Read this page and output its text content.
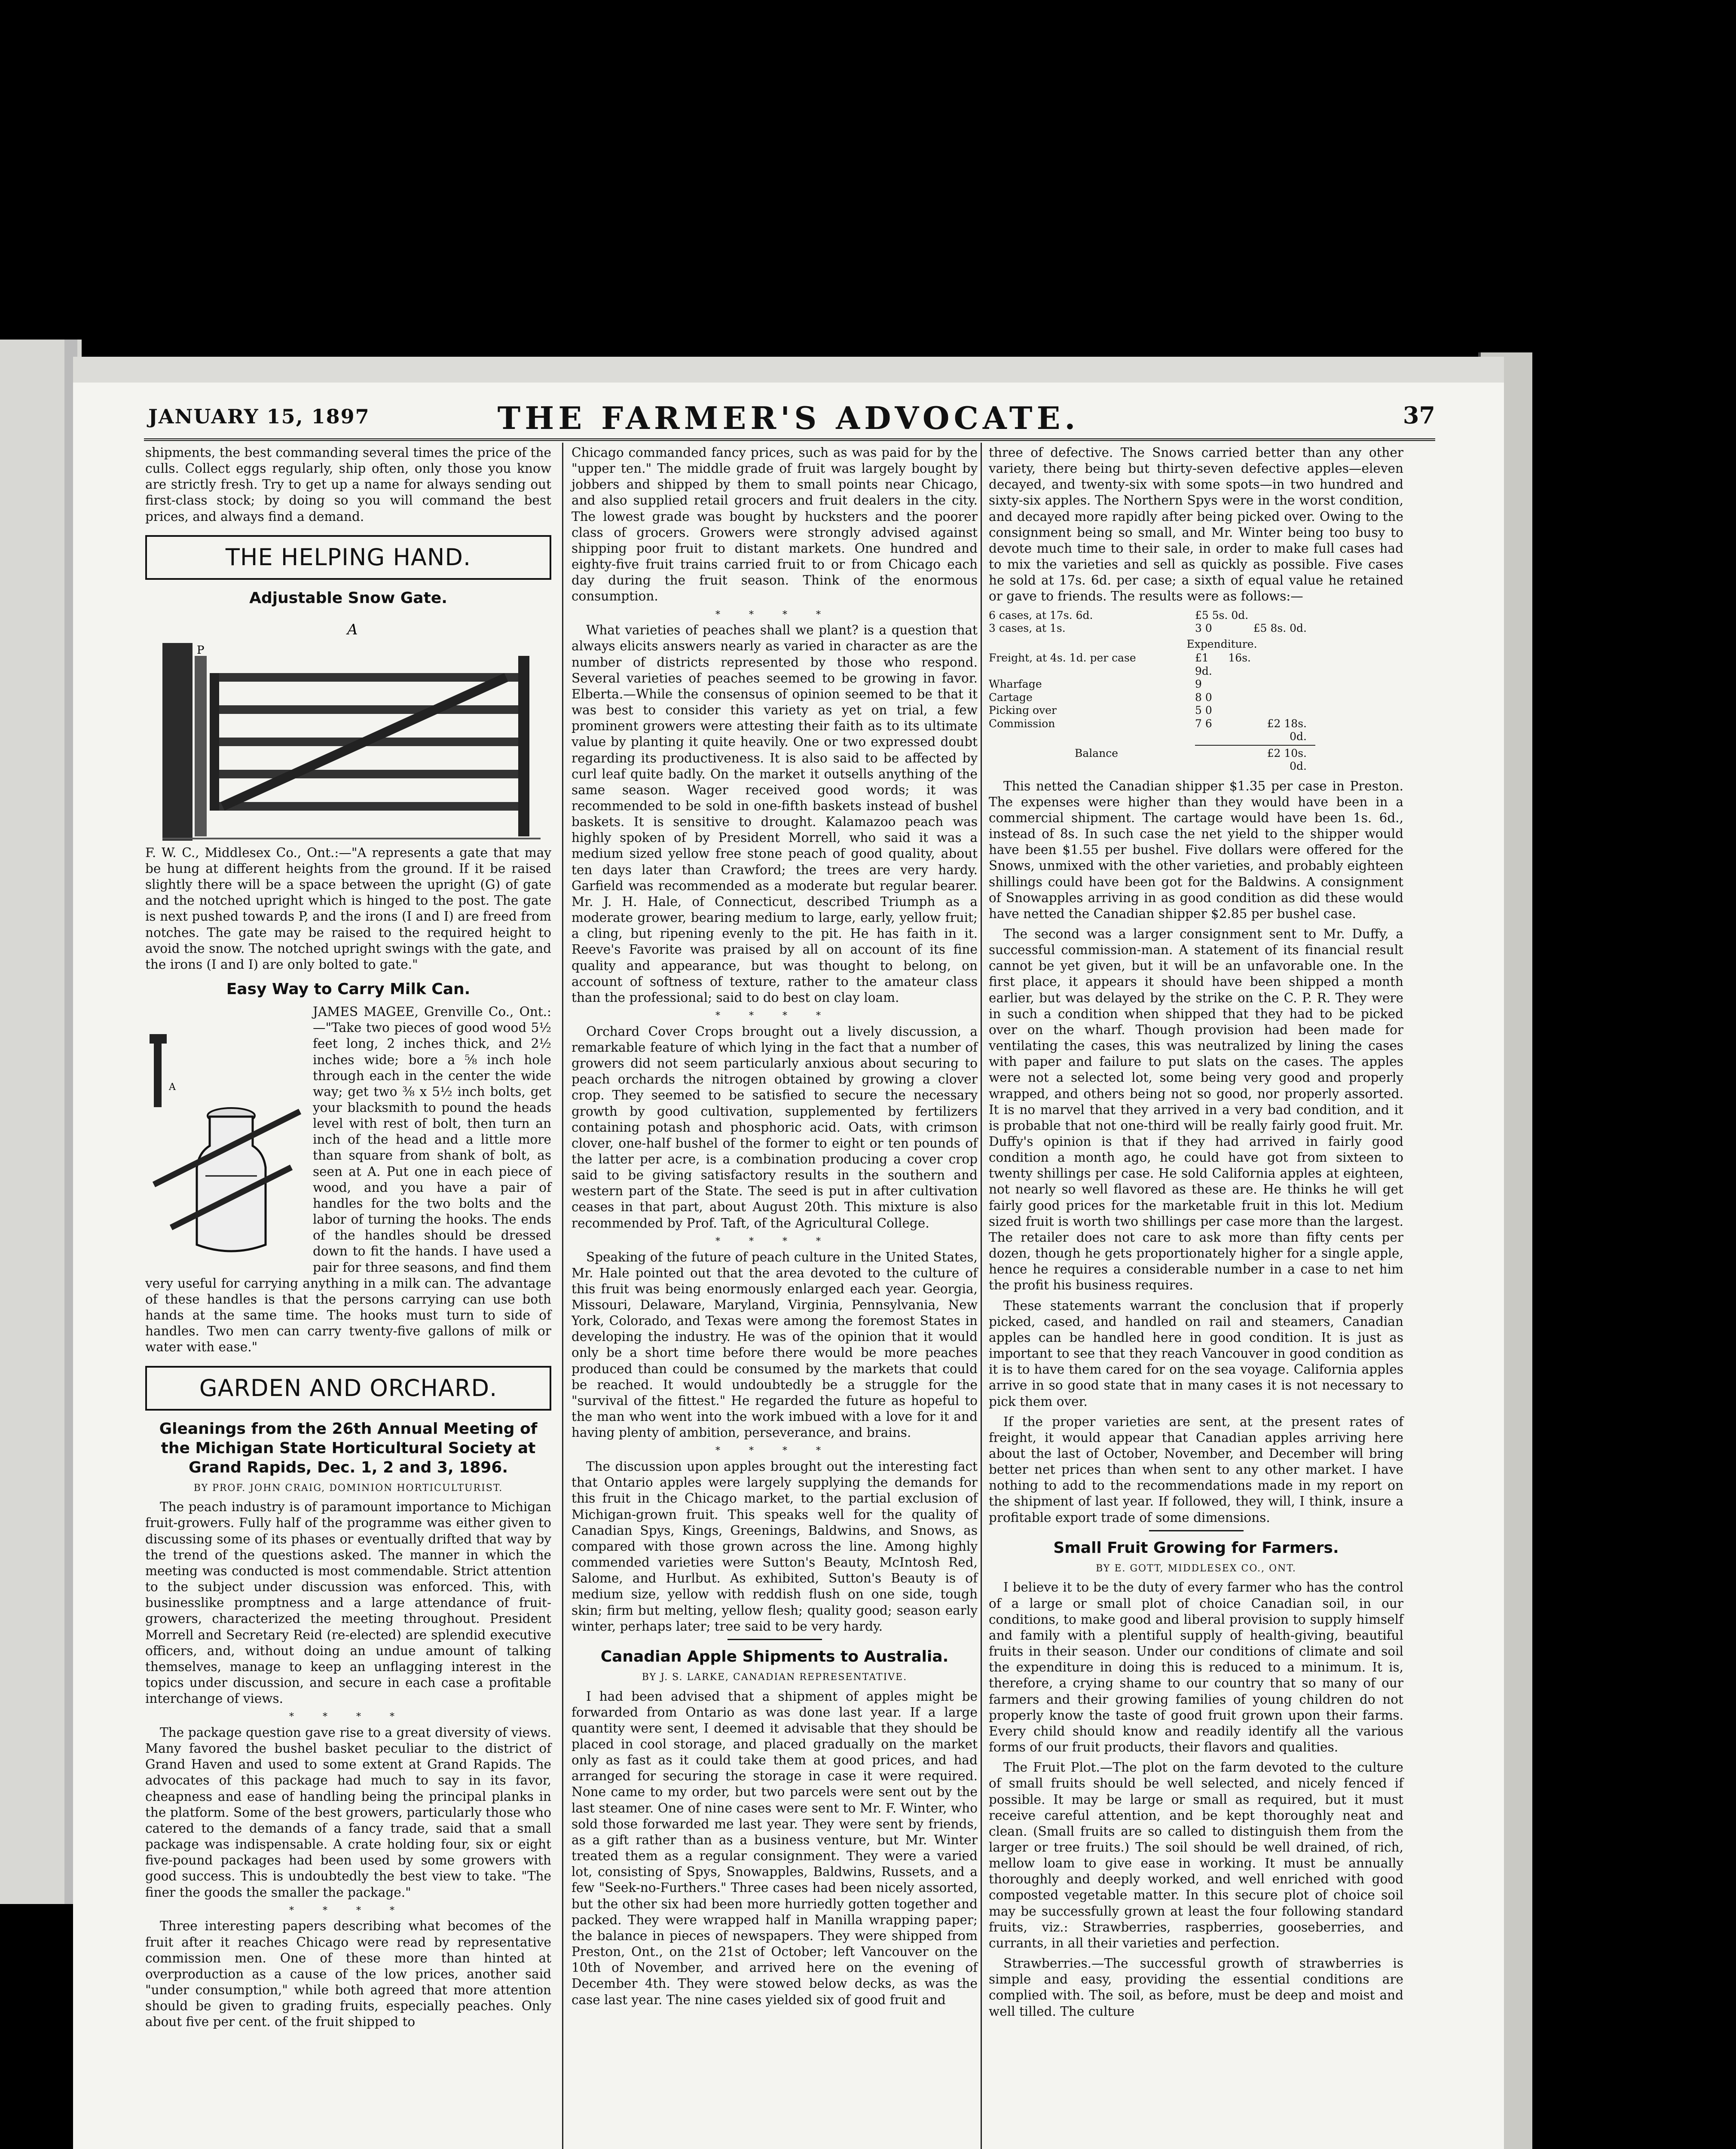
JANUARY 15, 1897	THE FARMER'S ADVOCATE.	37

shipments, the best commanding several times the price of the culls. Collect eggs regularly, ship often, only those you know are strictly fresh. Try to get up a name for always sending out first-class stock; by doing so you will command the best prices, and always find a demand.

THE HELPING HAND.
Adjustable Snow Gate.
A
P

F. W. C., Middlesex Co., Ont.:—"A represents a gate that may be hung at different heights from the ground. If it be raised slightly there will be a space between the upright (G) of gate and the notched upright which is hinged to the post. The gate is next pushed towards P, and the irons (I and I) are freed from notches. The gate may be raised to the required height to avoid the snow. The notched upright swings with the gate, and the irons (I and I) are only bolted to gate."

Easy Way to Carry Milk Can.
A

JAMES MAGEE, Grenville Co., Ont.:—"Take two pieces of good wood 5½ feet long, 2 inches thick, and 2½ inches wide; bore a ⅝ inch hole through each in the center the wide way; get two ⅜ x 5½ inch bolts, get your blacksmith to pound the heads level with rest of bolt, then turn an inch of the head and a little more than square from shank of bolt, as seen at A. Put one in each piece of wood, and you have a pair of handles for the two bolts and the labor of turning the hooks. The ends of the handles should be dressed down to fit the hands. I have used a pair for three seasons, and find them very useful for carrying anything in a milk can. The advantage of these handles is that the persons carrying can use both hands at the same time. The hooks must turn to side of handles. Two men can carry twenty-five gallons of milk or water with ease."

GARDEN AND ORCHARD.
Gleanings from the 26th Annual Meeting of the Michigan State Horticultural Society at Grand Rapids, Dec. 1, 2 and 3, 1896.
BY PROF. JOHN CRAIG, DOMINION HORTICULTURIST.

The peach industry is of paramount importance to Michigan fruit-growers. Fully half of the programme was either given to discussing some of its phases or eventually drifted that way by the trend of the questions asked. The manner in which the meeting was conducted is most commendable. Strict attention to the subject under discussion was enforced. This, with businesslike promptness and a large attendance of fruit-growers, characterized the meeting throughout. President Morrell and Secretary Reid (re-elected) are splendid executive officers, and, without doing an undue amount of talking themselves, manage to keep an unflagging interest in the topics under discussion, and secure in each case a profitable interchange of views.

* * * *

The package question gave rise to a great diversity of views. Many favored the bushel basket peculiar to the district of Grand Haven and used to some extent at Grand Rapids. The advocates of this package had much to say in its favor, cheapness and ease of handling being the principal planks in the platform. Some of the best growers, particularly those who catered to the demands of a fancy trade, said that a small package was indispensable. A crate holding four, six or eight five-pound packages had been used by some growers with good success. This is undoubtedly the best view to take. "The finer the goods the smaller the package."

* * * *

Three interesting papers describing what becomes of the fruit after it reaches Chicago were read by representative commission men. One of these more than hinted at overproduction as a cause of the low prices, another said "under consumption," while both agreed that more attention should be given to grading fruits, especially peaches. Only about five per cent. of the fruit shipped to

Chicago commanded fancy prices, such as was paid for by the "upper ten." The middle grade of fruit was largely bought by jobbers and shipped by them to small points near Chicago, and also supplied retail grocers and fruit dealers in the city. The lowest grade was bought by hucksters and the poorer class of grocers. Growers were strongly advised against shipping poor fruit to distant markets. One hundred and eighty-five fruit trains carried fruit to or from Chicago each day during the fruit season. Think of the enormous consumption.

* * * *

What varieties of peaches shall we plant? is a question that always elicits answers nearly as varied in character as are the number of districts represented by those who respond. Several varieties of peaches seemed to be growing in favor. Elberta.—While the consensus of opinion seemed to be that it was best to consider this variety as yet on trial, a few prominent growers were attesting their faith as to its ultimate value by planting it quite heavily. One or two expressed doubt regarding its productiveness. It is also said to be affected by curl leaf quite badly. On the market it outsells anything of the same season. Wager received good words; it was recommended to be sold in one-fifth baskets instead of bushel baskets. It is sensitive to drought. Kalamazoo peach was highly spoken of by President Morrell, who said it was a medium sized yellow free stone peach of good quality, about ten days later than Crawford; the trees are very hardy. Garfield was recommended as a moderate but regular bearer. Mr. J. H. Hale, of Connecticut, described Triumph as a moderate grower, bearing medium to large, early, yellow fruit; a cling, but ripening evenly to the pit. He has faith in it. Reeve's Favorite was praised by all on account of its fine quality and appearance, but was thought to belong, on account of softness of texture, rather to the amateur class than the professional; said to do best on clay loam.

* * * *

Orchard Cover Crops brought out a lively discussion, a remarkable feature of which lying in the fact that a number of growers did not seem particularly anxious about securing to peach orchards the nitrogen obtained by growing a clover crop. They seemed to be satisfied to secure the necessary growth by good cultivation, supplemented by fertilizers containing potash and phosphoric acid. Oats, with crimson clover, one-half bushel of the former to eight or ten pounds of the latter per acre, is a combination producing a cover crop said to be giving satisfactory results in the southern and western part of the State. The seed is put in after cultivation ceases in that part, about August 20th. This mixture is also recommended by Prof. Taft, of the Agricultural College.

* * * *

Speaking of the future of peach culture in the United States, Mr. Hale pointed out that the area devoted to the culture of this fruit was being enormously enlarged each year. Georgia, Missouri, Delaware, Maryland, Virginia, Pennsylvania, New York, Colorado, and Texas were among the foremost States in developing the industry. He was of the opinion that it would only be a short time before there would be more peaches produced than could be consumed by the markets that could be reached. It would undoubtedly be a struggle for the "survival of the fittest." He regarded the future as hopeful to the man who went into the work imbued with a love for it and having plenty of ambition, perseverance, and brains.

* * * *

The discussion upon apples brought out the interesting fact that Ontario apples were largely supplying the demands for this fruit in the Chicago market, to the partial exclusion of Michigan-grown fruit. This speaks well for the quality of Canadian Spys, Kings, Greenings, Baldwins, and Snows, as compared with those grown across the line. Among highly commended varieties were Sutton's Beauty, McIntosh Red, Salome, and Hurlbut. As exhibited, Sutton's Beauty is of medium size, yellow with reddish flush on one side, tough skin; firm but melting, yellow flesh; quality good; season early winter, perhaps later; tree said to be very hardy.

Canadian Apple Shipments to Australia.
BY J. S. LARKE, CANADIAN REPRESENTATIVE.

I had been advised that a shipment of apples might be forwarded from Ontario as was done last year. If a large quantity were sent, I deemed it advisable that they should be placed in cool storage, and placed gradually on the market only as fast as it could take them at good prices, and had arranged for securing the storage in case it were required. None came to my order, but two parcels were sent out by the last steamer. One of nine cases were sent to Mr. F. Winter, who sold those forwarded me last year. They were sent by friends, as a gift rather than as a business venture, but Mr. Winter treated them as a regular consignment. They were a varied lot, consisting of Spys, Snowapples, Baldwins, Russets, and a few "Seek-no-Furthers." Three cases had been nicely assorted, but the other six had been more hurriedly gotten together and packed. They were wrapped half in Manilla wrapping paper; the balance in pieces of newspapers. They were shipped from Preston, Ont., on the 21st of October; left Vancouver on the 10th of November, and arrived here on the evening of December 4th. They were stowed below decks, as was the case last year. The nine cases yielded six of good fruit and

three of defective. The Snows carried better than any other variety, there being but thirty-seven defective apples—eleven decayed, and twenty-six with some spots—in two hundred and sixty-six apples. The Northern Spys were in the worst condition, and decayed more rapidly after being picked over. Owing to the consignment being so small, and Mr. Winter being too busy to devote much time to their sale, in order to make full cases had to mix the varieties and sell as quickly as possible. Five cases he sold at 17s. 6d. per case; a sixth of equal value he retained or gave to friends. The results were as follows:—

6 cases, at 17s. 6d.	£5 5s. 0d.
3 cases, at 1s.	3 0	£5 8s. 0d.
Expenditure.
Freight, at 4s. 1d. per case	£1 16s. 9d.
Wharfage	9
Cartage	8 0
Picking over	5 0
Commission	7 6	£2 18s. 0d.
Balance	£2 10s. 0d.

This netted the Canadian shipper $1.35 per case in Preston. The expenses were higher than they would have been in a commercial shipment. The cartage would have been 1s. 6d., instead of 8s. In such case the net yield to the shipper would have been $1.55 per bushel. Five dollars were offered for the Snows, unmixed with the other varieties, and probably eighteen shillings could have been got for the Baldwins. A consignment of Snowapples arriving in as good condition as did these would have netted the Canadian shipper $2.85 per bushel case.

The second was a larger consignment sent to Mr. Duffy, a successful commission-man. A statement of its financial result cannot be yet given, but it will be an unfavorable one. In the first place, it appears it should have been shipped a month earlier, but was delayed by the strike on the C. P. R. They were in such a condition when shipped that they had to be picked over on the wharf. Though provision had been made for ventilating the cases, this was neutralized by lining the cases with paper and failure to put slats on the cases. The apples were not a selected lot, some being very good and properly wrapped, and others being not so good, nor properly assorted. It is no marvel that they arrived in a very bad condition, and it is probable that not one-third will be really fairly good fruit. Mr. Duffy's opinion is that if they had arrived in fairly good condition a month ago, he could have got from sixteen to twenty shillings per case. He sold California apples at eighteen, not nearly so well flavored as these are. He thinks he will get fairly good prices for the marketable fruit in this lot. Medium sized fruit is worth two shillings per case more than the largest. The retailer does not care to ask more than fifty cents per dozen, though he gets proportionately higher for a single apple, hence he requires a considerable number in a case to net him the profit his business requires.

These statements warrant the conclusion that if properly picked, cased, and handled on rail and steamers, Canadian apples can be handled here in good condition. It is just as important to see that they reach Vancouver in good condition as it is to have them cared for on the sea voyage. California apples arrive in so good state that in many cases it is not necessary to pick them over.

If the proper varieties are sent, at the present rates of freight, it would appear that Canadian apples arriving here about the last of October, November, and December will bring better net prices than when sent to any other market. I have nothing to add to the recommendations made in my report on the shipment of last year. If followed, they will, I think, insure a profitable export trade of some dimensions.

Small Fruit Growing for Farmers.
BY E. GOTT, MIDDLESEX CO., ONT.

I believe it to be the duty of every farmer who has the control of a large or small plot of choice Canadian soil, in our conditions, to make good and liberal provision to supply himself and family with a plentiful supply of health-giving, beautiful fruits in their season. Under our conditions of climate and soil the expenditure in doing this is reduced to a minimum. It is, therefore, a crying shame to our country that so many of our farmers and their growing families of young children do not properly know the taste of good fruit grown upon their farms. Every child should know and readily identify all the various forms of our fruit products, their flavors and qualities.

The Fruit Plot.—The plot on the farm devoted to the culture of small fruits should be well selected, and nicely fenced if possible. It may be large or small as required, but it must receive careful attention, and be kept thoroughly neat and clean. (Small fruits are so called to distinguish them from the larger or tree fruits.) The soil should be well drained, of rich, mellow loam to give ease in working. It must be annually thoroughly and deeply worked, and well enriched with good composted vegetable matter. In this secure plot of choice soil may be successfully grown at least the four following standard fruits, viz.: Strawberries, raspberries, gooseberries, and currants, in all their varieties and perfection.

Strawberries.—The successful growth of strawberries is simple and easy, providing the essential conditions are complied with. The soil, as before, must be deep and moist and well tilled. The culture
